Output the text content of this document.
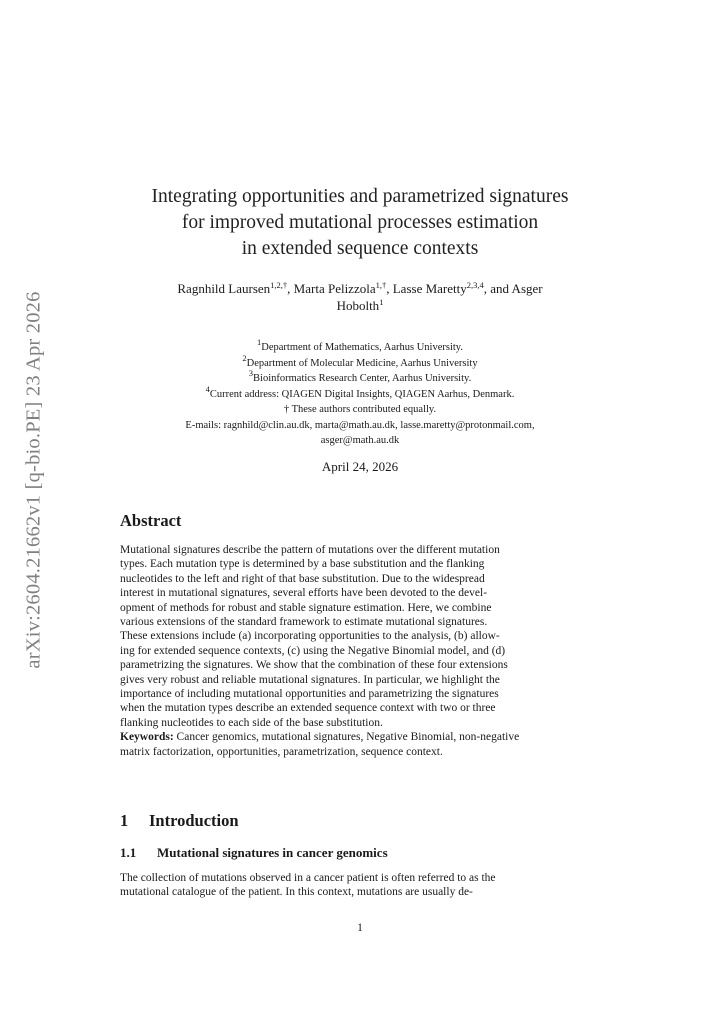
arXiv:2604.21662v1 [q-bio.PE] 23 Apr 2026
Integrating opportunities and parametrized signatures
for improved mutational processes estimation
in extended sequence contexts
Ragnhild Laursen$^{1,2,\dagger}$, Marta Pelizzola$^{1,\dagger}$, Lasse Maretty$^{2,3,4}$, and Asger
Hobolth$^1$
$^1$Department of Mathematics, Aarhus University.
$^2$Department of Molecular Medicine, Aarhus University
$^3$Bioinformatics Research Center, Aarhus University.
$^4$Current address: QIAGEN Digital Insights, QIAGEN Aarhus, Denmark.
† These authors contributed equally.
E-mails: ragnhild@clin.au.dk, marta@math.au.dk, lasse.maretty@protonmail.com,
asger@math.au.dk
April 24, 2026
Abstract
Mutational signatures describe the pattern of mutations over the different mutation
types. Each mutation type is determined by a base substitution and the flanking
nucleotides to the left and right of that base substitution. Due to the widespread
interest in mutational signatures, several efforts have been devoted to the devel-
opment of methods for robust and stable signature estimation. Here, we combine
various extensions of the standard framework to estimate mutational signatures.
These extensions include (a) incorporating opportunities to the analysis, (b) allow-
ing for extended sequence contexts, (c) using the Negative Binomial model, and (d)
parametrizing the signatures. We show that the combination of these four extensions
gives very robust and reliable mutational signatures. In particular, we highlight the
importance of including mutational opportunities and parametrizing the signatures
when the mutation types describe an extended sequence context with two or three
flanking nucleotides to each side of the base substitution.
Keywords: Cancer genomics, mutational signatures, Negative Binomial, non-negative
matrix factorization, opportunities, parametrization, sequence context.
1 Introduction
1.1 Mutational signatures in cancer genomics
The collection of mutations observed in a cancer patient is often referred to as the
mutational catalogue of the patient. In this context, mutations are usually de-
1
